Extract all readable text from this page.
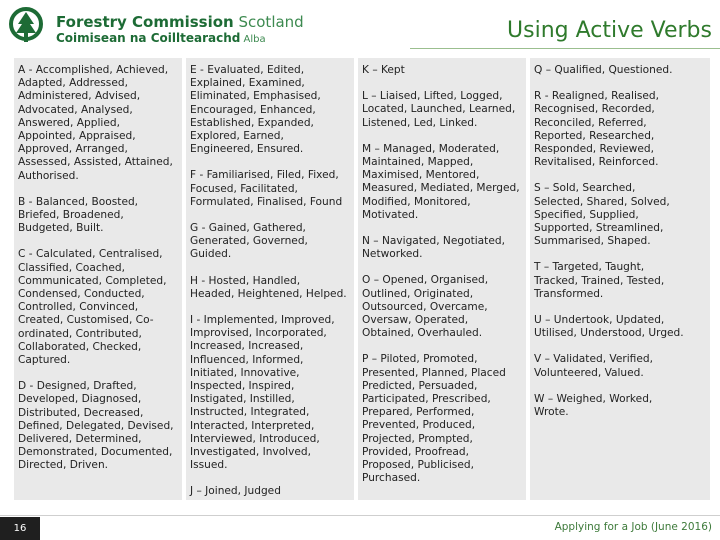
Forestry Commission Scotland
Coimisean na Coilltearachd Alba	Using Active Verbs
A - Accomplished, Achieved,
Adapted, Addressed,
Administered, Advised,
Advocated, Analysed,
Answered, Applied,
Appointed, Appraised,
Approved, Arranged,
Assessed, Assisted, Attained,
Authorised.
B - Balanced, Boosted,
Briefed, Broadened,
Budgeted, Built.
C - Calculated, Centralised,
Classified, Coached,
Communicated, Completed,
Condensed, Conducted,
Controlled, Convinced,
Created, Customised, Co-
ordinated, Contributed,
Collaborated, Checked,
Captured.
D - Designed, Drafted,
Developed, Diagnosed,
Distributed, Decreased,
Defined, Delegated, Devised,
Delivered, Determined,
Demonstrated, Documented,
Directed, Driven.
E - Evaluated, Edited,
Explained, Examined,
Eliminated, Emphasised,
Encouraged, Enhanced,
Established, Expanded,
Explored, Earned,
Engineered, Ensured.
F - Familiarised, Filed, Fixed,
Focused, Facilitated,
Formulated, Finalised, Found
G - Gained, Gathered,
Generated, Governed,
Guided.
H - Hosted, Handled,
Headed, Heightened, Helped.
I - Implemented, Improved,
Improvised, Incorporated,
Increased, Increased,
Influenced, Informed,
Initiated, Innovative,
Inspected, Inspired,
Instigated, Instilled,
Instructed, Integrated,
Interacted, Interpreted,
Interviewed, Introduced,
Investigated, Involved,
Issued.
J – Joined, Judged
K – Kept
L – Liaised, Lifted, Logged,
Located, Launched, Learned,
Listened, Led, Linked.
M – Managed, Moderated,
Maintained, Mapped,
Maximised, Mentored,
Measured, Mediated, Merged,
Modified, Monitored,
Motivated.
N – Navigated, Negotiated,
Networked.
O – Opened, Organised,
Outlined, Originated,
Outsourced, Overcame,
Oversaw, Operated,
Obtained, Overhauled.
P – Piloted, Promoted,
Presented, Planned, Placed
Predicted, Persuaded,
Participated, Prescribed,
Prepared, Performed,
Prevented, Produced,
Projected, Prompted,
Provided, Proofread,
Proposed, Publicised,
Purchased.
Q – Qualified, Questioned.
R - Realigned, Realised,
Recognised, Recorded,
Reconciled, Referred,
Reported, Researched,
Responded, Reviewed,
Revitalised, Reinforced.
S – Sold, Searched,
Selected, Shared, Solved,
Specified, Supplied,
Supported, Streamlined,
Summarised, Shaped.
T – Targeted, Taught,
Tracked, Trained, Tested,
Transformed.
U – Undertook, Updated,
Utilised, Understood, Urged.
V – Validated, Verified,
Volunteered, Valued.
W – Weighed, Worked,
Wrote.
16	Applying for a Job (June 2016)
